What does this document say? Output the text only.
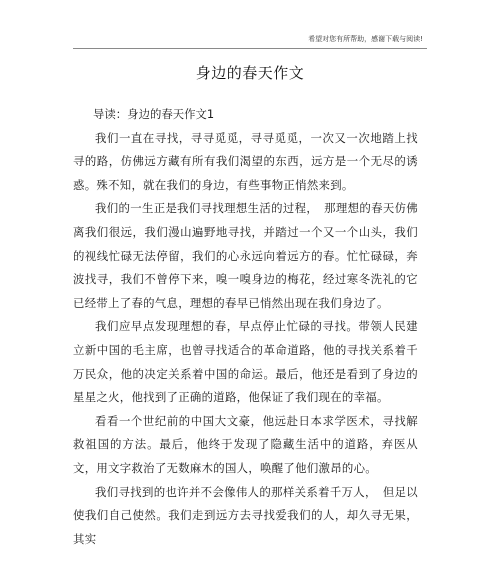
希望对您有所帮助，感谢下载与阅读!
身边的春天作文

导读：身边的春天作文1

我们一直在寻找，寻寻觅觅，寻寻觅觅，一次又一次地踏上找寻的路，仿佛远方藏有所有我们渴望的东西，远方是一个无尽的诱惑。殊不知，就在我们的身边，有些事物正悄然来到。

我们的一生正是我们寻找理想生活的过程，　那理想的春天仿佛离我们很远，我们漫山遍野地寻找，并踏过一个又一个山头，我们的视线忙碌无法停留，我们的心永远向着远方的春。忙忙碌碌，奔波找寻，我们不曾停下来，嗅一嗅身边的梅花，经过寒冬洗礼的它已经带上了春的气息，理想的春早已悄然出现在我们身边了。

我们应早点发现理想的春，早点停止忙碌的寻找。带领人民建立新中国的毛主席，也曾寻找适合的革命道路，他的寻找关系着千万民众，他的决定关系着中国的命运。最后，他还是看到了身边的星星之火，他找到了正确的道路，他保证了我们现在的幸福。

看看一个世纪前的中国大文豪，他远赴日本求学医术，寻找解救祖国的方法。最后，他终于发现了隐藏生活中的道路，弃医从文，用文字救治了无数麻木的国人，唤醒了他们激昂的心。

我们寻找到的也许并不会像伟人的那样关系着千万人，　但足以使我们自己使然。我们走到远方去寻找爱我们的人，却久寻无果，其实
